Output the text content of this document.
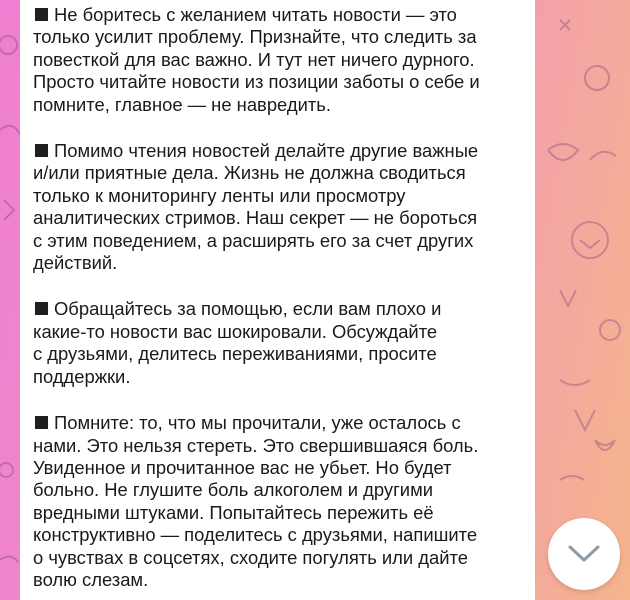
Не боритесь с желанием читать новости — это
только усилит проблему. Признайте, что следить за
повесткой для вас важно. И тут нет ничего дурного.
Просто читайте новости из позиции заботы о себе и
помните, главное — не навредить.

Помимо чтения новостей делайте другие важные
и/или приятные дела. Жизнь не должна сводиться
только к мониторингу ленты или просмотру
аналитических стримов. Наш секрет — не бороться
с этим поведением, а расширять его за счет других
действий.

Обращайтесь за помощью, если вам плохо и
какие-то новости вас шокировали. Обсуждайте
с друзьями, делитесь переживаниями, просите
поддержки.

Помните: то, что мы прочитали, уже осталось с
нами. Это нельзя стереть. Это свершившаяся боль.
Увиденное и прочитанное вас не убьет. Но будет
больно. Не глушите боль алкоголем и другими
вредными штуками. Попытайтесь пережить её
конструктивно — поделитесь с друзьями, напишите
о чувствах в соцсетях, сходите погулять или дайте
волю слезам.
